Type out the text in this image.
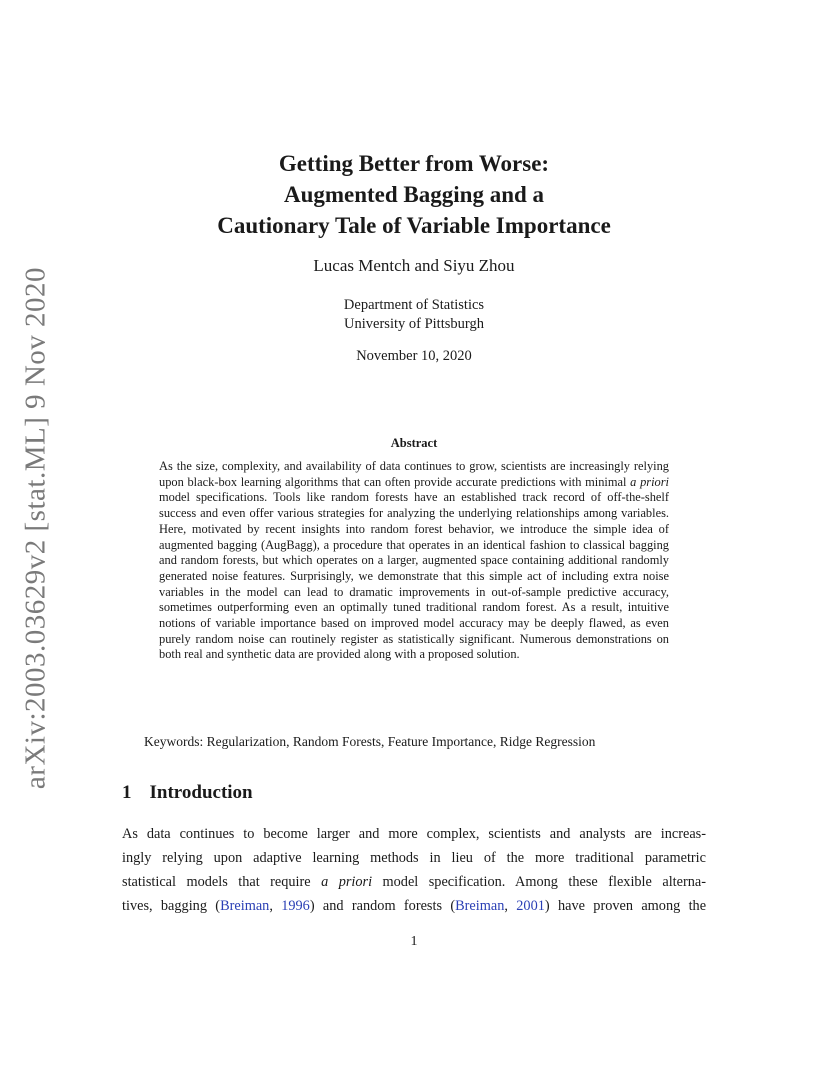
arXiv:2003.03629v2 [stat.ML] 9 Nov 2020
Getting Better from Worse:
Augmented Bagging and a
Cautionary Tale of Variable Importance
Lucas Mentch and Siyu Zhou
Department of Statistics
University of Pittsburgh
November 10, 2020
Abstract
As the size, complexity, and availability of data continues to grow, scientists are increasingly relying upon black-box learning algorithms that can often provide accurate predictions with minimal a priori model specifications. Tools like random forests have an established track record of off-the-shelf success and even offer various strategies for analyzing the underlying relationships among variables. Here, motivated by recent insights into random forest behavior, we introduce the simple idea of augmented bagging (AugBagg), a procedure that operates in an identical fashion to classical bagging and random forests, but which operates on a larger, augmented space containing additional randomly generated noise features. Surprisingly, we demonstrate that this simple act of including extra noise variables in the model can lead to dramatic improvements in out-of-sample predictive accuracy, sometimes outperforming even an optimally tuned traditional random forest. As a result, intuitive notions of variable importance based on improved model accuracy may be deeply flawed, as even purely random noise can routinely register as statistically significant. Numerous demonstrations on both real and synthetic data are provided along with a proposed solution.
Keywords: Regularization, Random Forests, Feature Importance, Ridge Regression
1 Introduction
As data continues to become larger and more complex, scientists and analysts are increas-
ingly relying upon adaptive learning methods in lieu of the more traditional parametric
statistical models that require a priori model specification. Among these flexible alterna-
tives, bagging (Breiman, 1996) and random forests (Breiman, 2001) have proven among the
1
